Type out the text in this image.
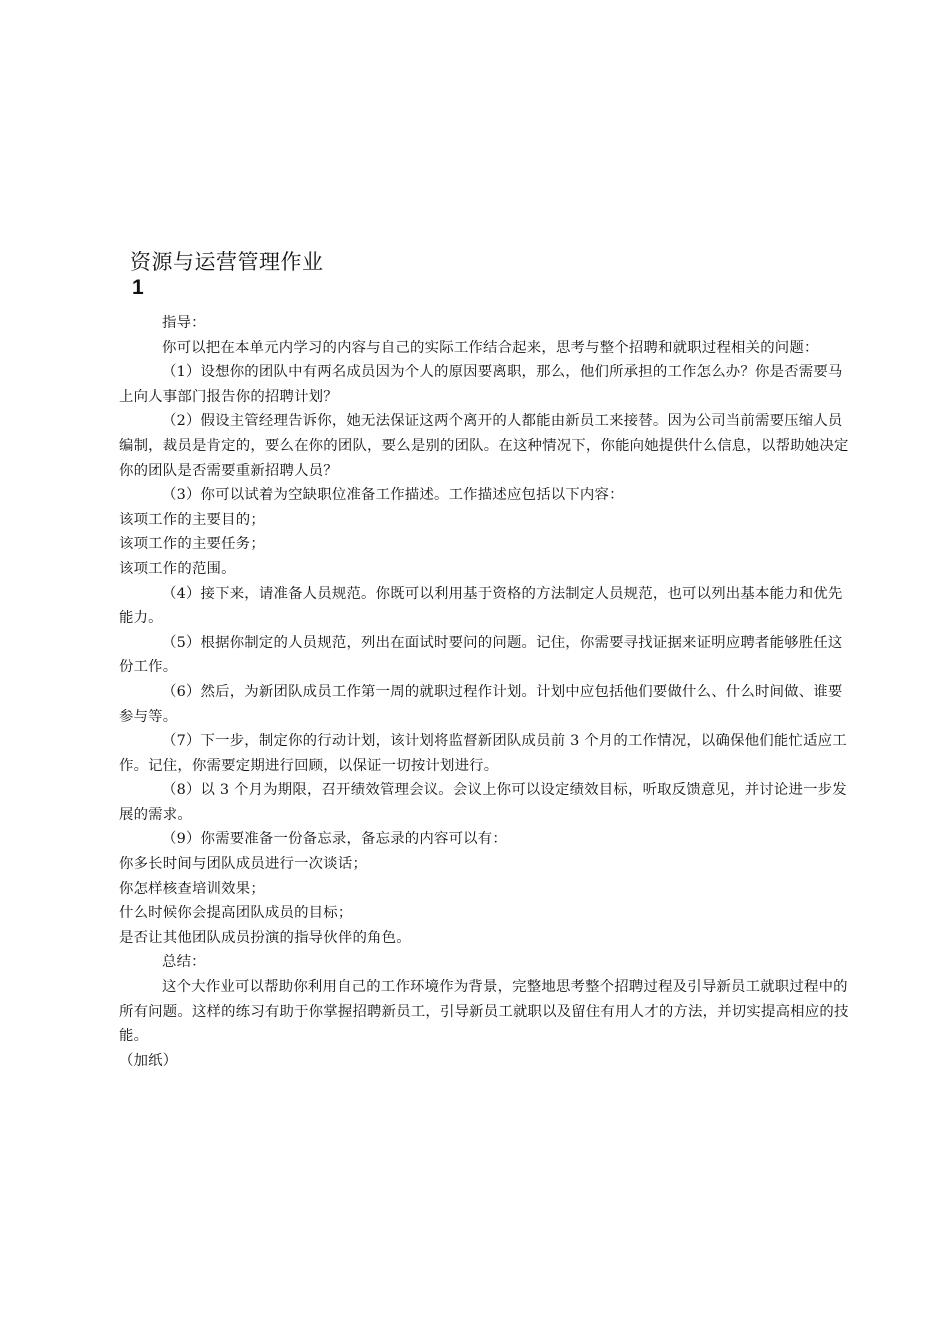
资源与运营管理作业
1

指导：

你可以把在本单元内学习的内容与自己的实际工作结合起来，思考与整个招聘和就职过程相关的问题：

（1）设想你的团队中有两名成员因为个人的原因要离职，那么，他们所承担的工作怎么办？你是否需要马上向人事部门报告你的招聘计划？

（2）假设主管经理告诉你，她无法保证这两个离开的人都能由新员工来接替。因为公司当前需要压缩人员编制，裁员是肯定的，要么在你的团队，要么是别的团队。在这种情况下，你能向她提供什么信息，以帮助她决定你的团队是否需要重新招聘人员？

（3）你可以试着为空缺职位准备工作描述。工作描述应包括以下内容：

该项工作的主要目的；

该项工作的主要任务；

该项工作的范围。

（4）接下来，请准备人员规范。你既可以利用基于资格的方法制定人员规范，也可以列出基本能力和优先能力。

（5）根据你制定的人员规范，列出在面试时要问的问题。记住，你需要寻找证据来证明应聘者能够胜任这份工作。

（6）然后，为新团队成员工作第一周的就职过程作计划。计划中应包括他们要做什么、什么时间做、谁要参与等。

（7）下一步，制定你的行动计划，该计划将监督新团队成员前 3 个月的工作情况，以确保他们能忙适应工作。记住，你需要定期进行回顾，以保证一切按计划进行。

（8）以 3 个月为期限，召开绩效管理会议。会议上你可以设定绩效目标，听取反馈意见，并讨论进一步发展的需求。

（9）你需要准备一份备忘录，备忘录的内容可以有：

你多长时间与团队成员进行一次谈话；

你怎样核查培训效果；

什么时候你会提高团队成员的目标；

是否让其他团队成员扮演的指导伙伴的角色。

总结：

这个大作业可以帮助你利用自己的工作环境作为背景，完整地思考整个招聘过程及引导新员工就职过程中的所有问题。这样的练习有助于你掌握招聘新员工，引导新员工就职以及留住有用人才的方法，并切实提高相应的技能。

（加纸）
